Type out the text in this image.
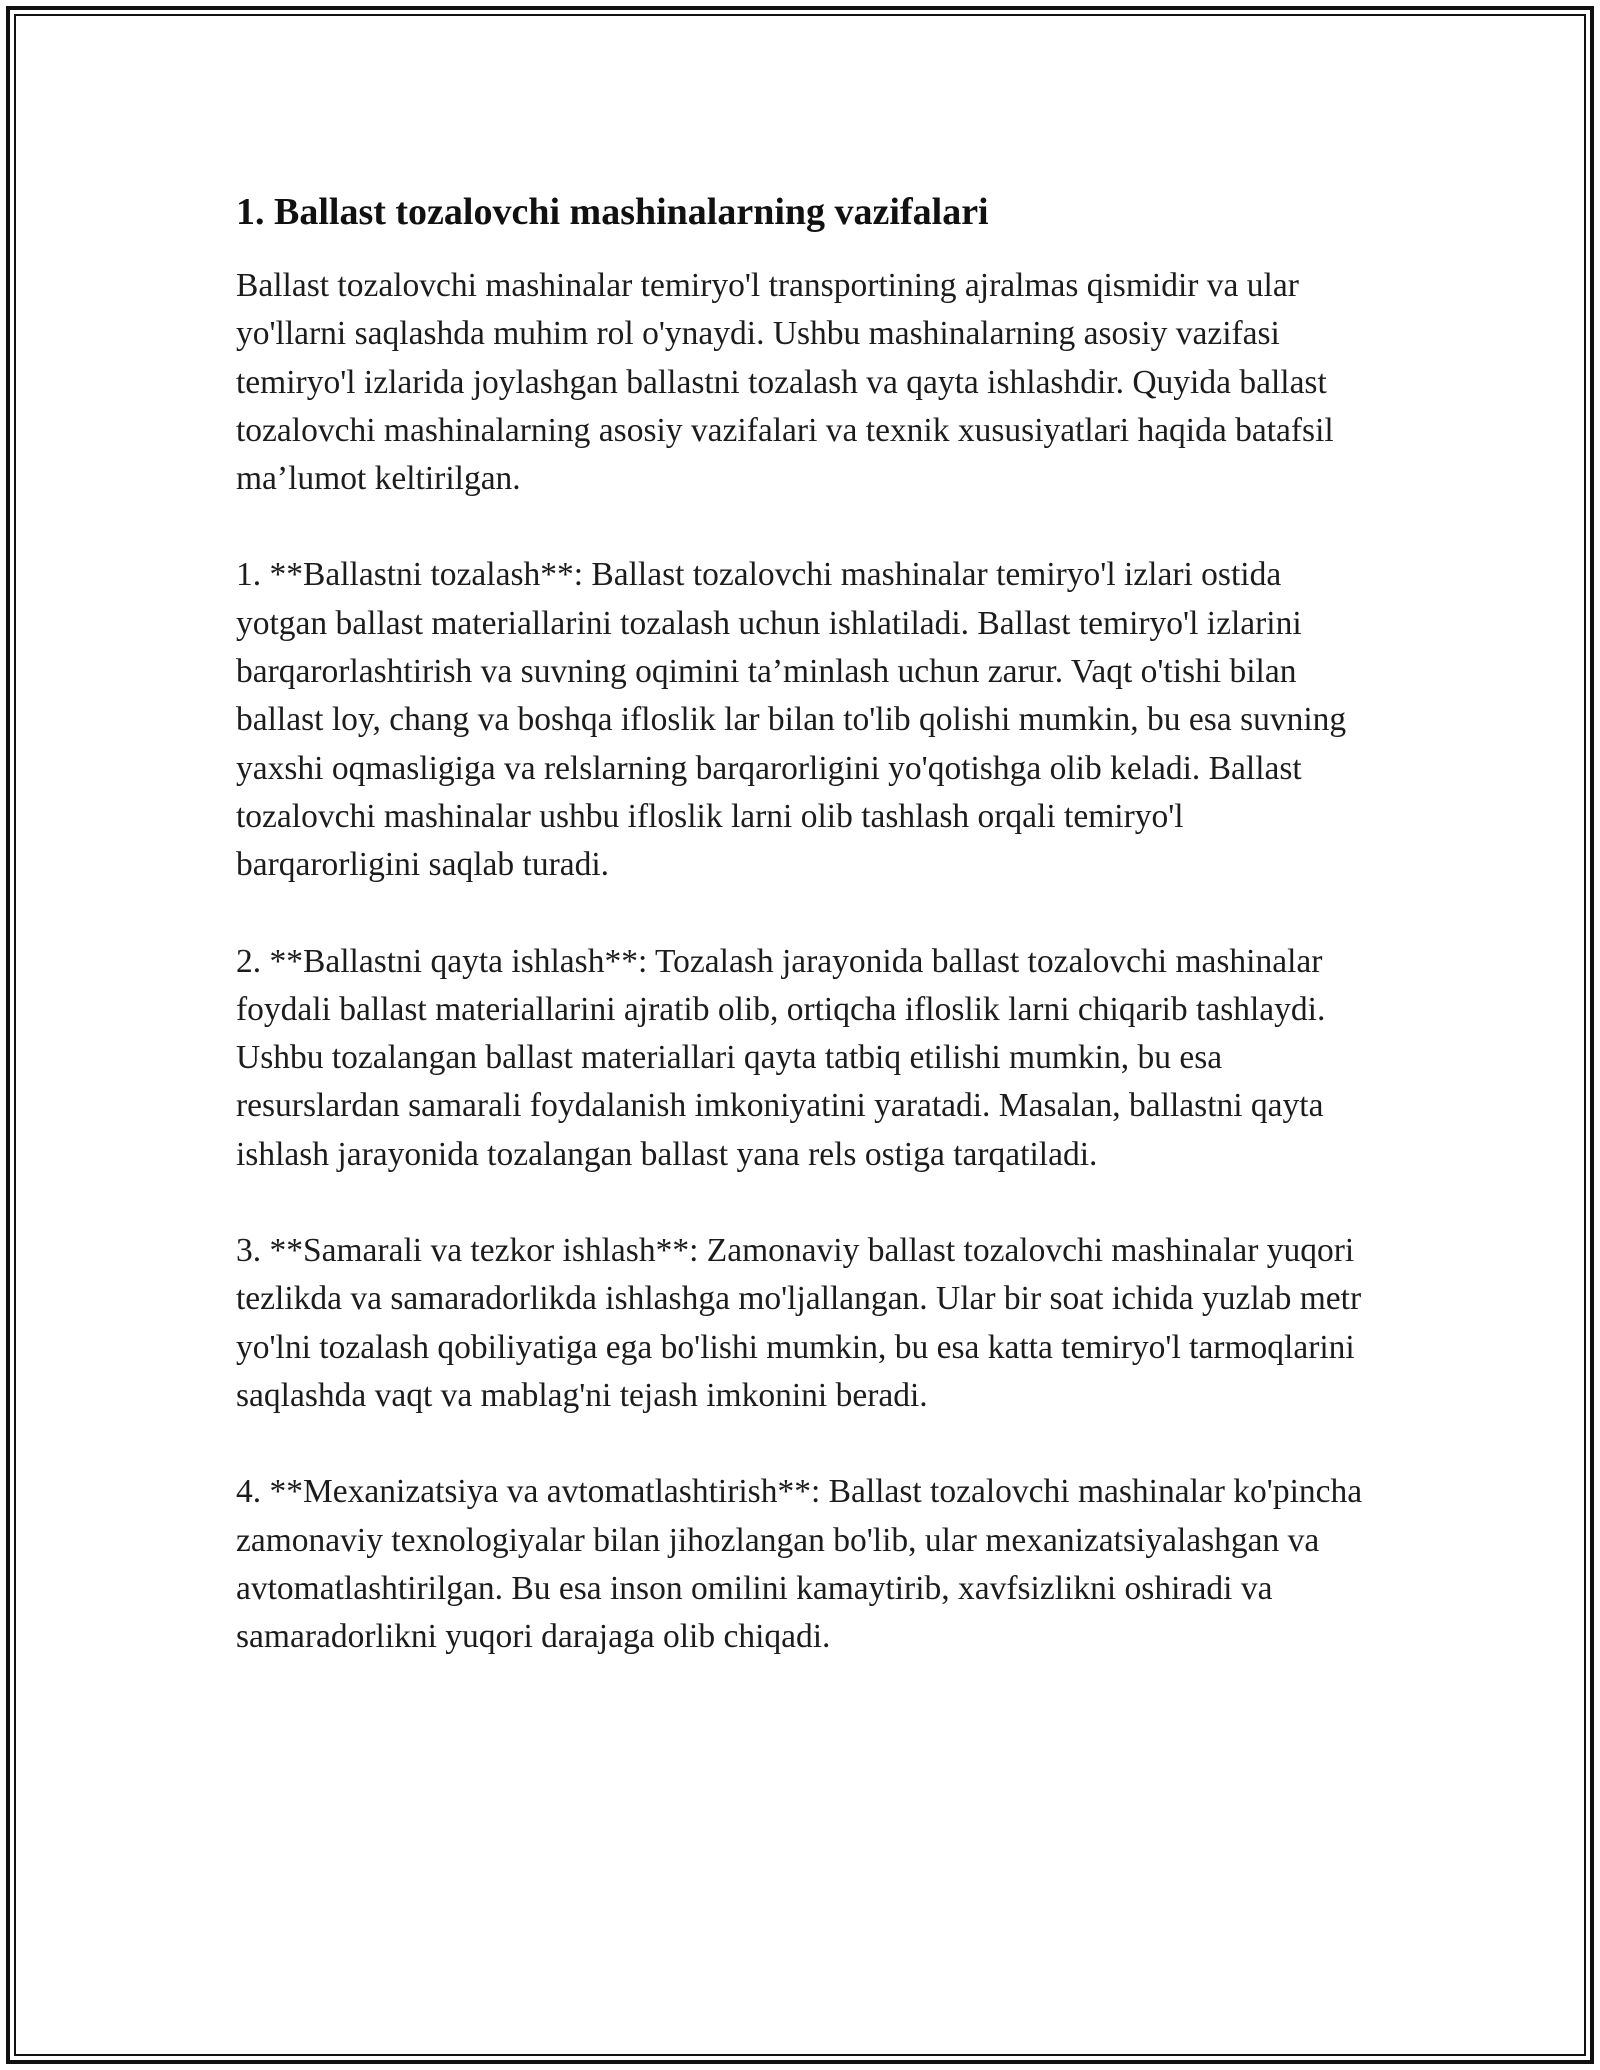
1. Ballast tozalovchi mashinalarning vazifalari

Ballast tozalovchi mashinalar temiryo'l transportining ajralmas qismidir va ular yo'llarni saqlashda muhim rol o'ynaydi. Ushbu mashinalarning asosiy vazifasi temiryo'l izlarida joylashgan ballastni tozalash va qayta ishlashdir. Quyida ballast tozalovchi mashinalarning asosiy vazifalari va texnik xususiyatlari haqida batafsil ma’lumot keltirilgan.

1. **Ballastni tozalash**: Ballast tozalovchi mashinalar temiryo'l izlari ostida yotgan ballast materiallarini tozalash uchun ishlatiladi. Ballast temiryo'l izlarini barqarorlashtirish va suvning oqimini ta’minlash uchun zarur. Vaqt o'tishi bilan ballast loy, chang va boshqa ifloslik lar bilan to'lib qolishi mumkin, bu esa suvning yaxshi oqmasligiga va relslarning barqarorligini yo'qotishga olib keladi. Ballast tozalovchi mashinalar ushbu ifloslik larni olib tashlash orqali temiryo'l barqarorligini saqlab turadi.

2. **Ballastni qayta ishlash**: Tozalash jarayonida ballast tozalovchi mashinalar foydali ballast materiallarini ajratib olib, ortiqcha ifloslik larni chiqarib tashlaydi. Ushbu tozalangan ballast materiallari qayta tatbiq etilishi mumkin, bu esa resurslardan samarali foydalanish imkoniyatini yaratadi. Masalan, ballastni qayta ishlash jarayonida tozalangan ballast yana rels ostiga tarqatiladi.

3. **Samarali va tezkor ishlash**: Zamonaviy ballast tozalovchi mashinalar yuqori tezlikda va samaradorlikda ishlashga mo'ljallangan. Ular bir soat ichida yuzlab metr yo'lni tozalash qobiliyatiga ega bo'lishi mumkin, bu esa katta temiryo'l tarmoqlarini saqlashda vaqt va mablag'ni tejash imkonini beradi.

4. **Mexanizatsiya va avtomatlashtirish**: Ballast tozalovchi mashinalar ko'pincha zamonaviy texnologiyalar bilan jihozlangan bo'lib, ular mexanizatsiyalashgan va avtomatlashtirilgan. Bu esa inson omilini kamaytirib, xavfsizlikni oshiradi va samaradorlikni yuqori darajaga olib chiqadi.
